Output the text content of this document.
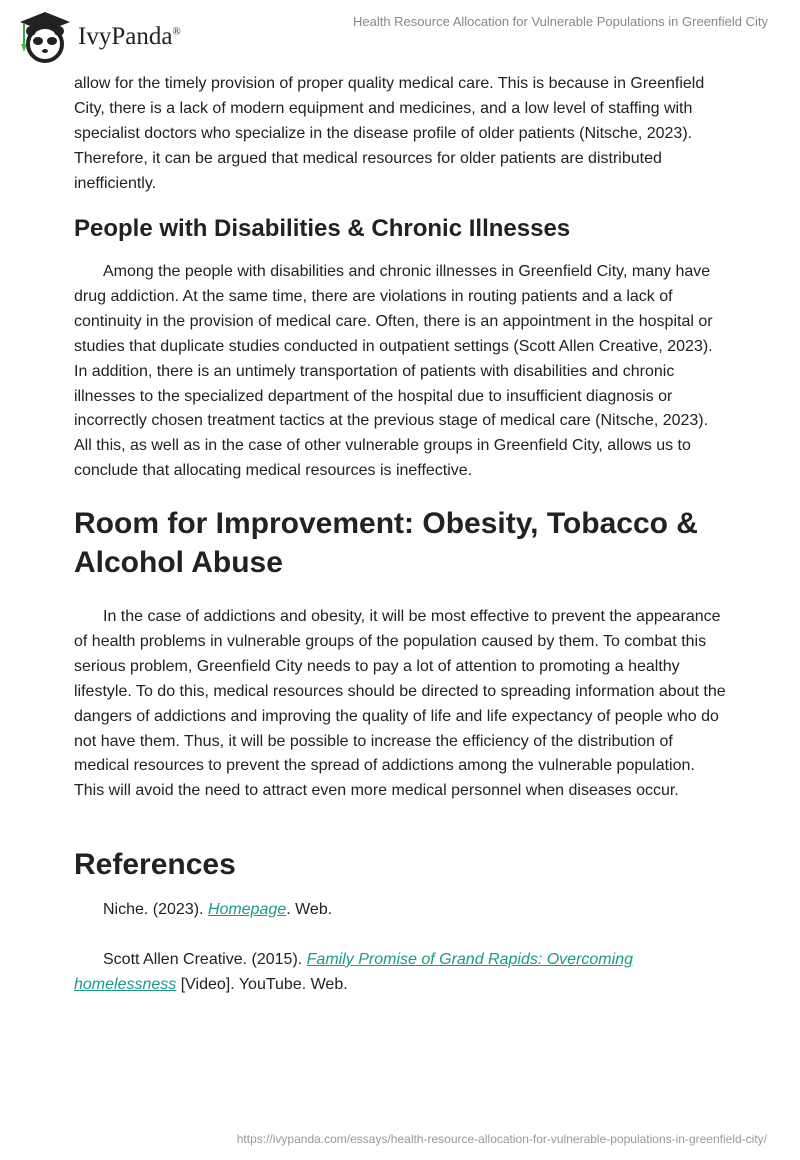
IvyPanda®
Health Resource Allocation for Vulnerable Populations in Greenfield City

allow for the timely provision of proper quality medical care. This is because in Greenfield City, there is a lack of modern equipment and medicines, and a low level of staffing with specialist doctors who specialize in the disease profile of older patients (Nitsche, 2023). Therefore, it can be argued that medical resources for older patients are distributed inefficiently.

People with Disabilities & Chronic Illnesses

Among the people with disabilities and chronic illnesses in Greenfield City, many have drug addiction. At the same time, there are violations in routing patients and a lack of continuity in the provision of medical care. Often, there is an appointment in the hospital or studies that duplicate studies conducted in outpatient settings (Scott Allen Creative, 2023). In addition, there is an untimely transportation of patients with disabilities and chronic illnesses to the specialized department of the hospital due to insufficient diagnosis or incorrectly chosen treatment tactics at the previous stage of medical care (Nitsche, 2023). All this, as well as in the case of other vulnerable groups in Greenfield City, allows us to conclude that allocating medical resources is ineffective.

Room for Improvement: Obesity, Tobacco & Alcohol Abuse

In the case of addictions and obesity, it will be most effective to prevent the appearance of health problems in vulnerable groups of the population caused by them. To combat this serious problem, Greenfield City needs to pay a lot of attention to promoting a healthy lifestyle. To do this, medical resources should be directed to spreading information about the dangers of addictions and improving the quality of life and life expectancy of people who do not have them. Thus, it will be possible to increase the efficiency of the distribution of medical resources to prevent the spread of addictions among the vulnerable population. This will avoid the need to attract even more medical personnel when diseases occur.

References

Niche. (2023). Homepage. Web.

Scott Allen Creative. (2015). Family Promise of Grand Rapids: Overcoming homelessness [Video]. YouTube. Web.

https://ivypanda.com/essays/health-resource-allocation-for-vulnerable-populations-in-greenfield-city/
